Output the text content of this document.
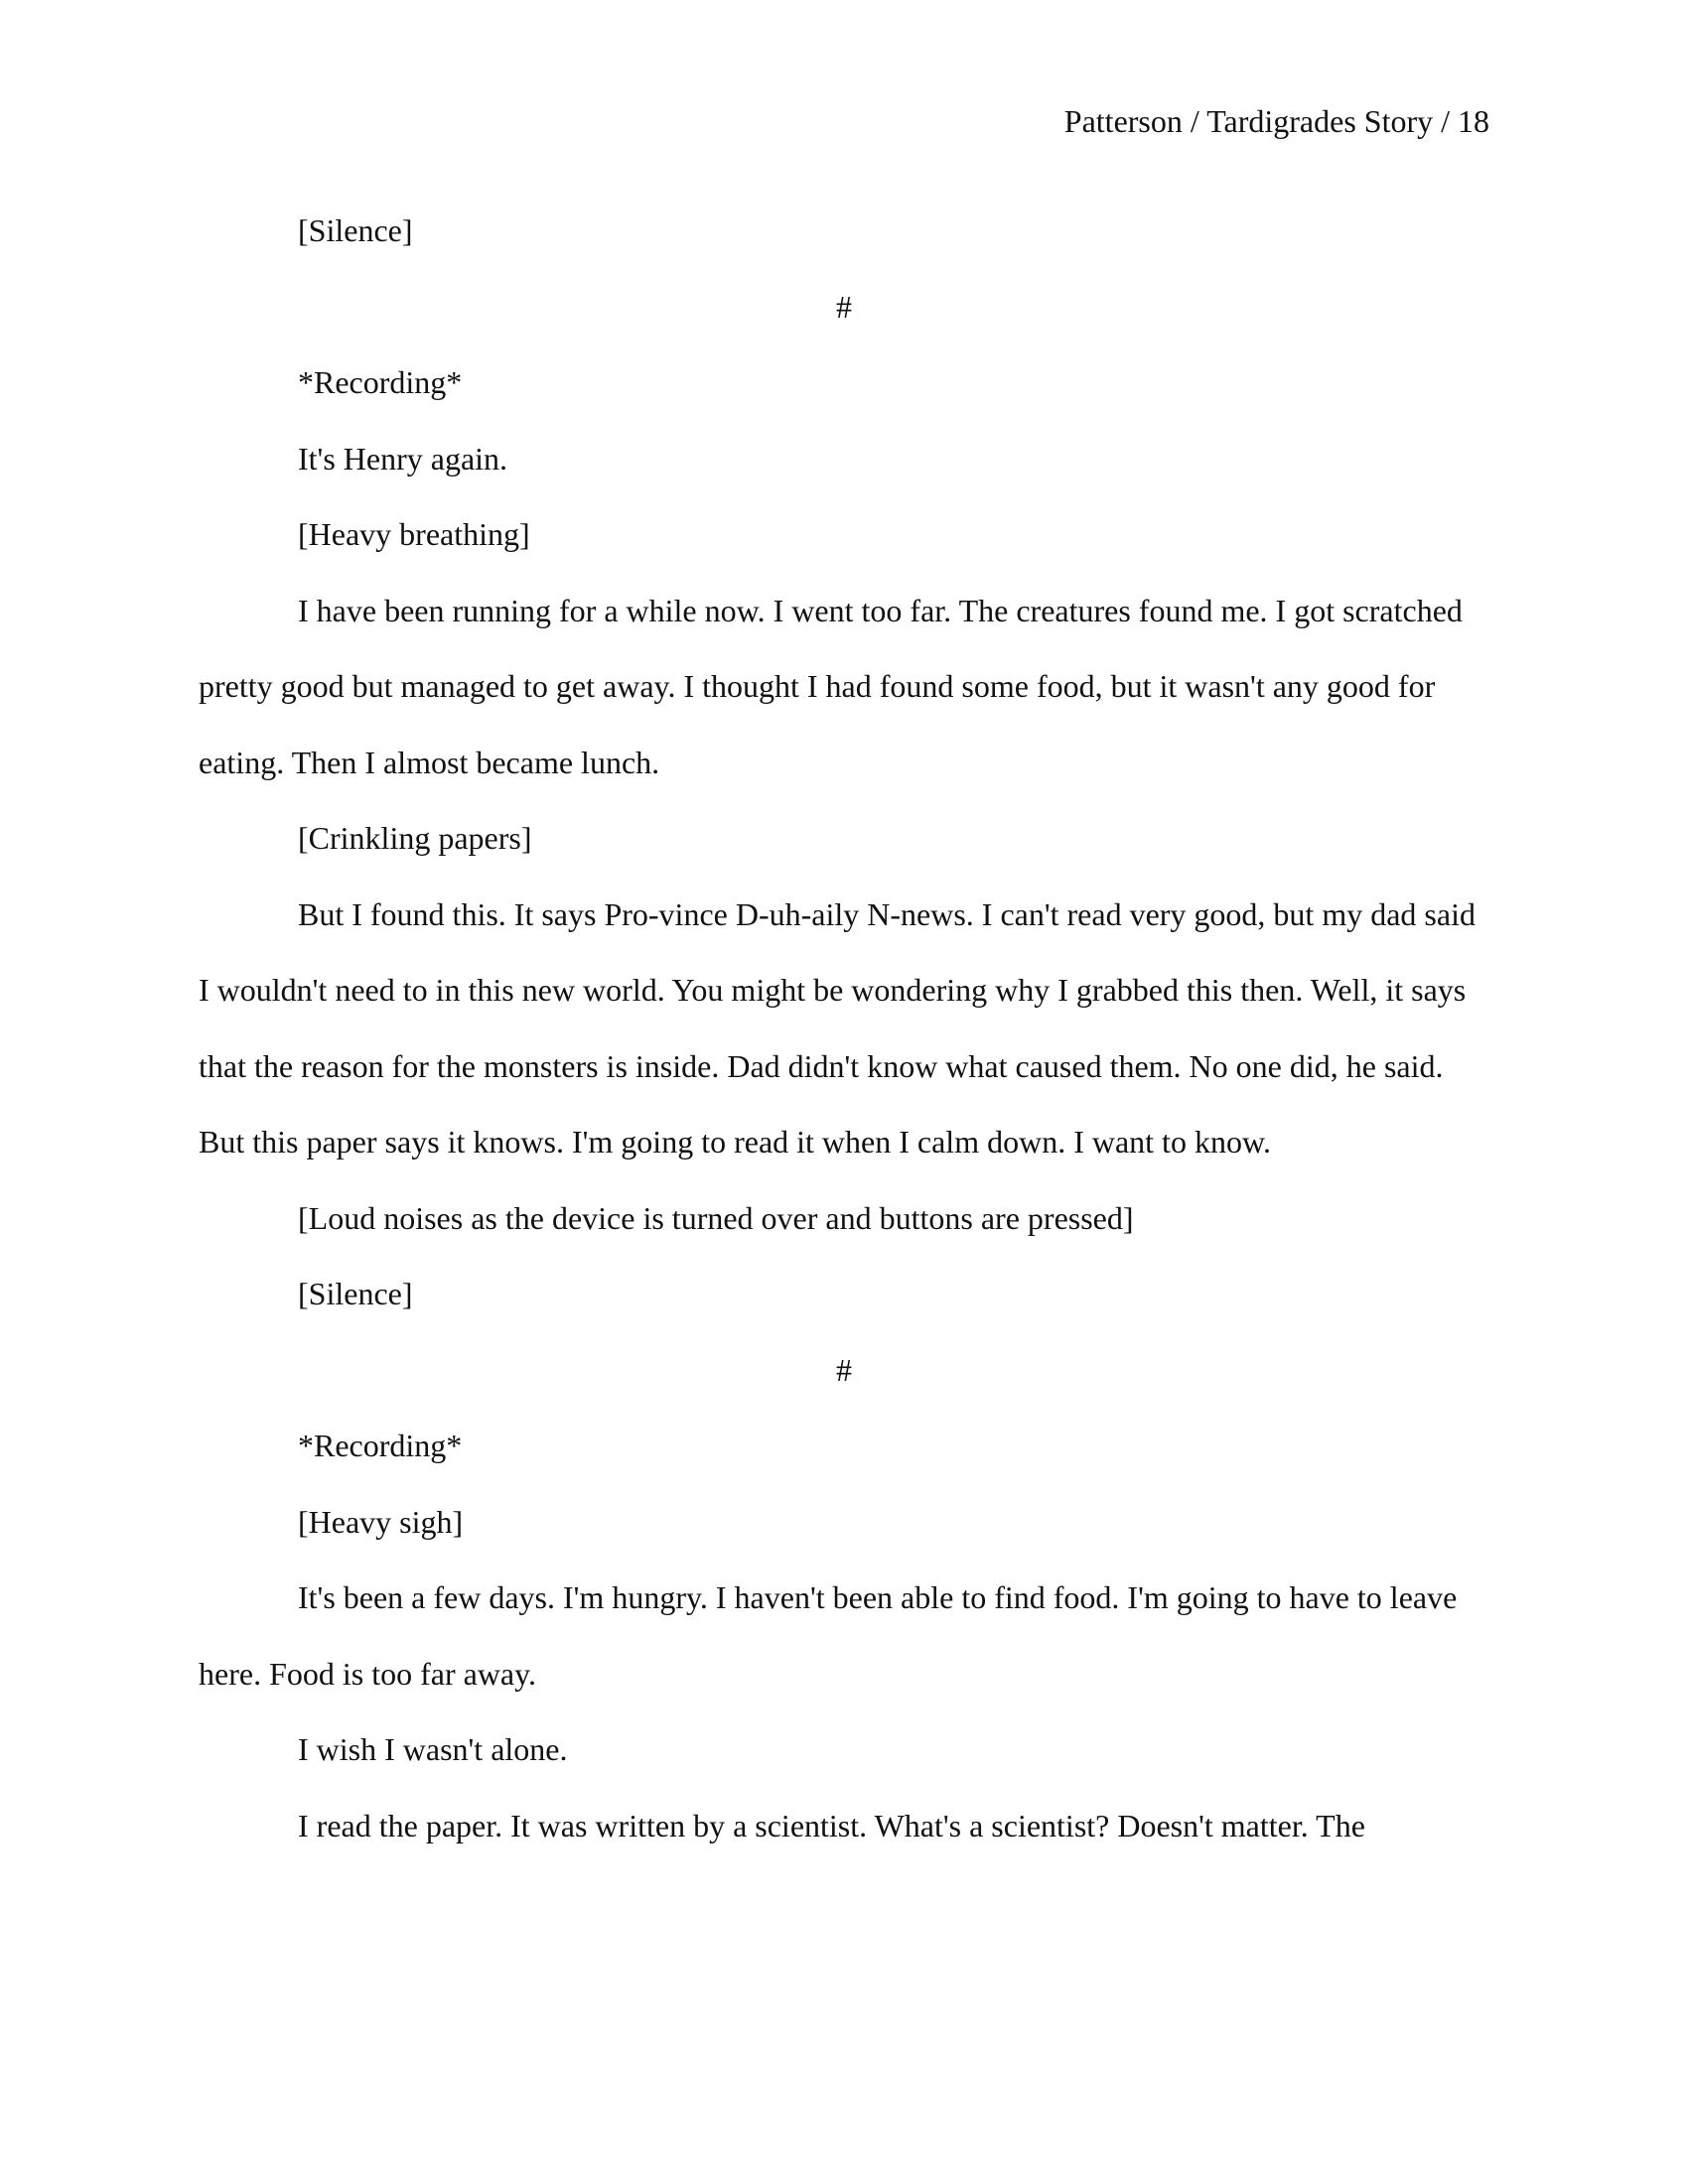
Patterson / Tardigrades Story / 18

[Silence]

#

*Recording*

It's Henry again.

[Heavy breathing]

I have been running for a while now. I went too far. The creatures found me. I got scratched pretty good but managed to get away. I thought I had found some food, but it wasn't any good for eating. Then I almost became lunch.

[Crinkling papers]

But I found this. It says Pro-vince D-uh-aily N-news. I can't read very good, but my dad said I wouldn't need to in this new world. You might be wondering why I grabbed this then. Well, it says that the reason for the monsters is inside. Dad didn't know what caused them. No one did, he said. But this paper says it knows. I'm going to read it when I calm down. I want to know.

[Loud noises as the device is turned over and buttons are pressed]

[Silence]

#

*Recording*

[Heavy sigh]

It's been a few days. I'm hungry. I haven't been able to find food. I'm going to have to leave here. Food is too far away.

I wish I wasn't alone.

I read the paper. It was written by a scientist. What's a scientist? Doesn't matter. The
